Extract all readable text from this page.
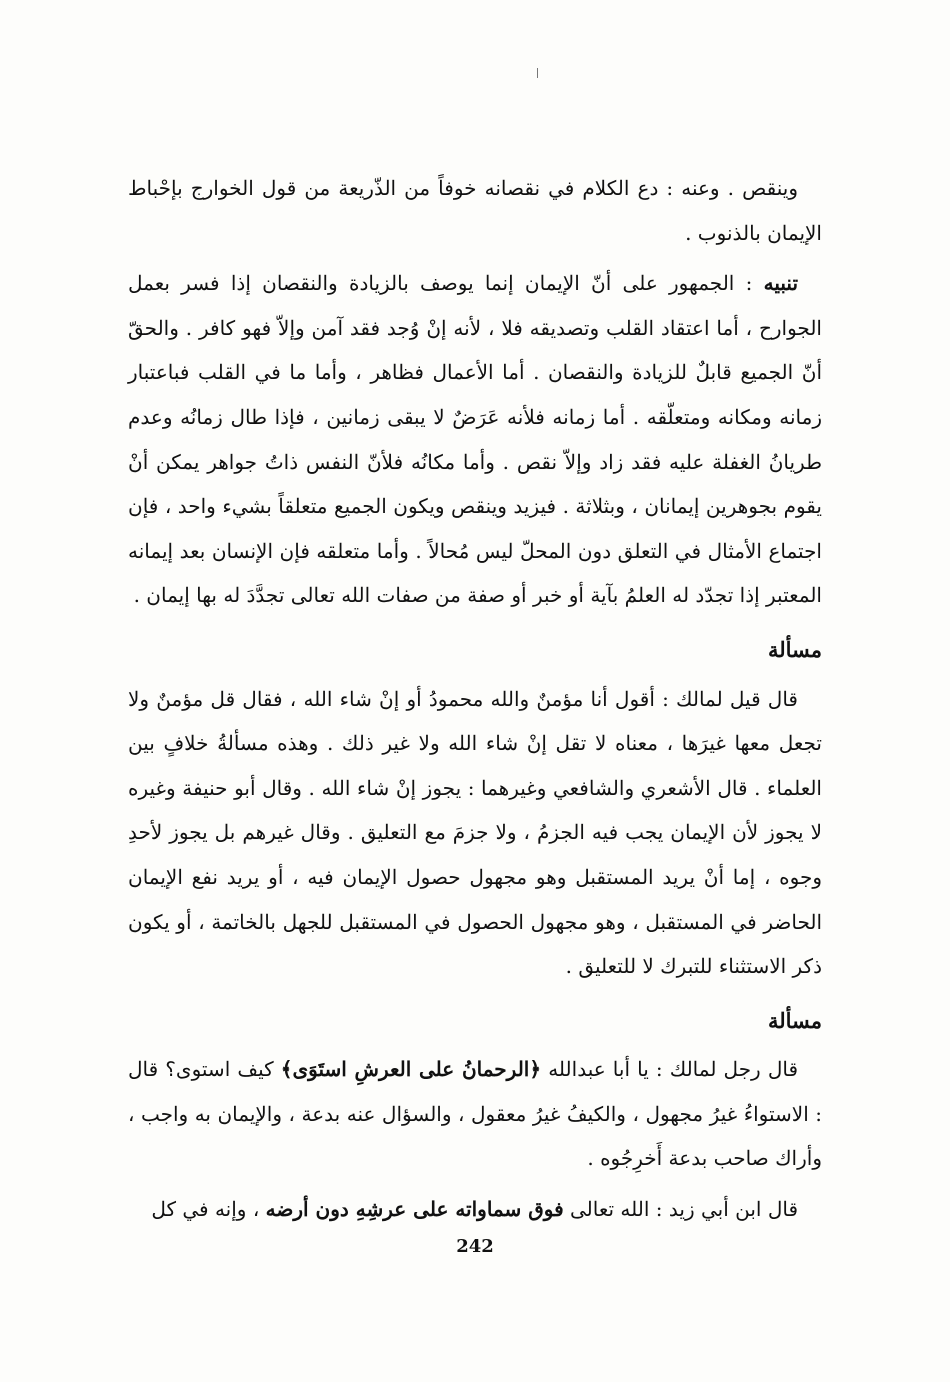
وينقص . وعنه : دع الكلام في نقصانه خوفاً من الذّريعة من قول الخوارج بإحْباط الإيمان بالذنوب .

تنبيه : الجمهور على أنّ الإيمان إنما يوصف بالزيادة والنقصان إذا فسر بعمل الجوارح ، أما اعتقاد القلب وتصديقه فلا ، لأنه إنْ وُجد فقد آمن وإلاّ فهو كافر . والحقّ أنّ الجميع قابلٌ للزيادة والنقصان . أما الأعمال فظاهر ، وأما ما في القلب فباعتبار زمانه ومكانه ومتعلّقه . أما زمانه فلأنه عَرَضٌ لا يبقى زمانين ، فإذا طال زمانُه وعدم طريانُ الغفلة عليه فقد زاد وإلاّ نقص . وأما مكانُه فلأنّ النفس ذاتُ جواهر يمكن أنْ يقوم بجوهرين إيمانان ، وبثلاثة . فيزيد وينقص ويكون الجميع متعلقاً بشيء واحد ، فإن اجتماع الأمثال في التعلق دون المحلّ ليس مُحالاً . وأما متعلقه فإن الإنسان بعد إيمانه المعتبر إذا تجدّد له العلمُ بآية أو خبر أو صفة من صفات الله تعالى تجدَّدَ له بها إيمان .

مسألة

قال قيل لمالك : أقول أنا مؤمنٌ والله محمودُ أو إنْ شاء الله ، فقال قل مؤمنٌ ولا تجعل معها غيرَها ، معناه لا تقل إنْ شاء الله ولا غير ذلك . وهذه مسألةُ خلافٍ بين العلماء . قال الأشعري والشافعي وغيرهما : يجوز إنْ شاء الله . وقال أبو حنيفة وغيره لا يجوز لأن الإيمان يجب فيه الجزمُ ، ولا جزمَ مع التعليق . وقال غيرهم بل يجوز لأحدِ وجوه ، إما أنْ يريد المستقبل وهو مجهول حصول الإيمان فيه ، أو يريد نفع الإيمان الحاضر في المستقبل ، وهو مجهول الحصول في المستقبل للجهل بالخاتمة ، أو يكون ذكر الاستثناء للتبرك لا للتعليق .

مسألة

قال رجل لمالك : يا أبا عبدالله ﴿الرحمانُ على العرشِ استَوَى﴾ كيف استوى؟ قال : الاستواءُ غيرُ مجهول ، والكيفُ غيرُ معقول ، والسؤال عنه بدعة ، والإيمان به واجب ، وأراك صاحب بدعة أَخرِجُوه .

قال ابن أبي زيد : الله تعالى فوق سماواته على عرشِهِ دون أرضه ، وإنه في كل

242
